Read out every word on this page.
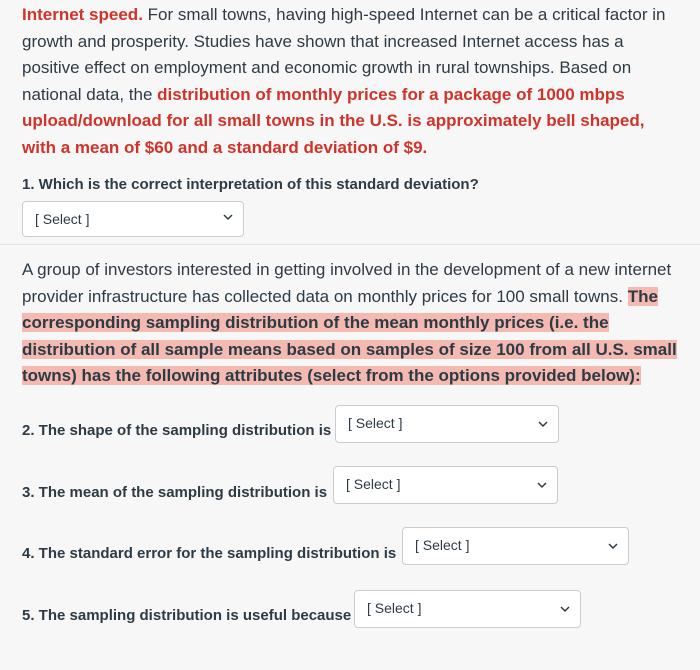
Internet speed. For small towns, having high-speed Internet can be a critical factor in growth and prosperity. Studies have shown that increased Internet access has a positive effect on employment and economic growth in rural townships. Based on national data, the distribution of monthly prices for a package of 1000 mbps upload/download for all small towns in the U.S. is approximately bell shaped, with a mean of $60 and a standard deviation of $9.
1. Which is the correct interpretation of this standard deviation?
[ Select ]
A group of investors interested in getting involved in the development of a new internet provider infrastructure has collected data on monthly prices for 100 small towns. The corresponding sampling distribution of the mean monthly prices (i.e. the distribution of all sample means based on samples of size 100 from all U.S. small towns) has the following attributes (select from the options provided below):
2. The shape of the sampling distribution is [ Select ]
3. The mean of the sampling distribution is [ Select ]
4. The standard error for the sampling distribution is [ Select ]
5. The sampling distribution is useful because [ Select ]
